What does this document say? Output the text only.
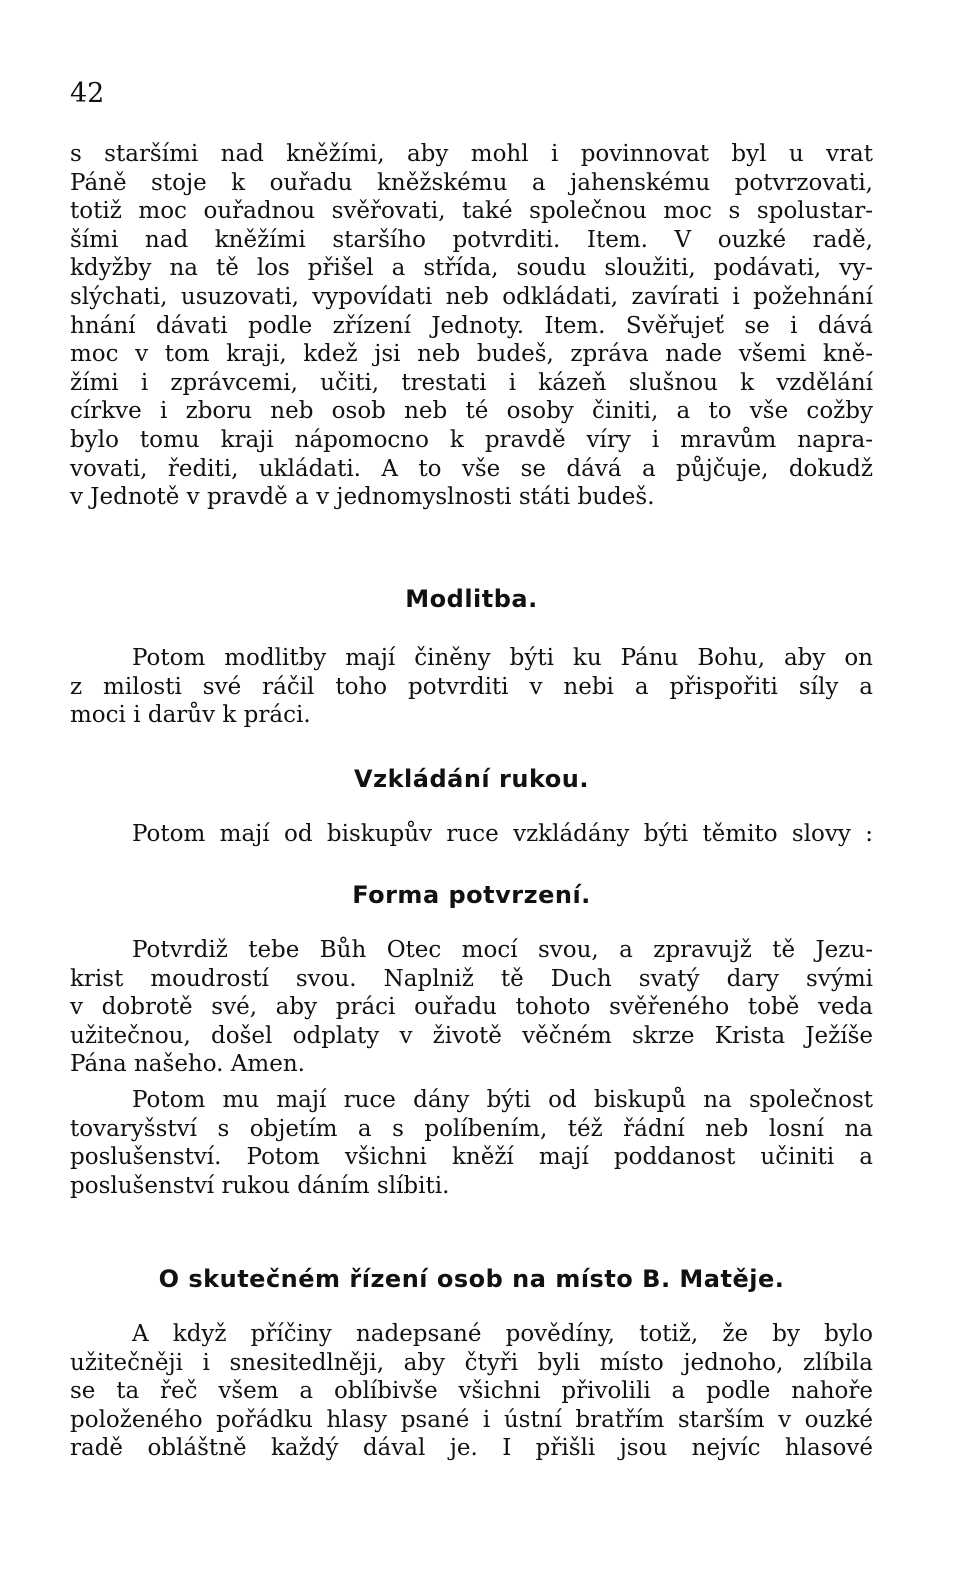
42
s staršími nad kněžími, aby mohl i povinnovat byl u vrat
Páně stoje k ouřadu kněžskému a jahenskému potvrzovati,
totiž moc ouřadnou svěřovati, také společnou moc s spolustar-
šími nad kněžími staršího potvrditi. Item. V ouzké radě,
kdyžby na tě los přišel a střída, soudu sloužiti, podávati, vy-
slýchati, usuzovati, vypovídati neb odkládati, zavírati i požehnání
hnání dávati podle zřízení Jednoty. Item. Svěřujeť se i dává
moc v tom kraji, kdež jsi neb budeš, zpráva nade všemi kně-
žími i zprávcemi, učiti, trestati i kázeň slušnou k vzdělání
církve i zboru neb osob neb té osoby činiti, a to vše cožby
bylo tomu kraji nápomocno k pravdě víry i mravům napra-
vovati, řediti, ukládati. A to vše se dává a půjčuje, dokudž
v Jednotě v pravdě a v jednomyslnosti státi budeš.
Modlitba.
Potom modlitby mají činěny býti ku Pánu Bohu, aby on
z milosti své ráčil toho potvrditi v nebi a přispořiti síly a
moci i darův k práci.
Vzkládání rukou.
Potom mají od biskupův ruce vzkládány býti těmito slovy :
Forma potvrzení.
Potvrdiž tebe Bůh Otec mocí svou, a zpravujž tě Jezu-
krist moudrostí svou. Naplniž tě Duch svatý dary svými
v dobrotě své, aby práci ouřadu tohoto svěřeného tobě veda
užitečnou, došel odplaty v životě věčném skrze Krista Ježíše
Pána našeho. Amen.
Potom mu mají ruce dány býti od biskupů na společnost
tovaryšství s objetím a s políbením, též řádní neb losní na
poslušenství. Potom všichni kněží mají poddanost učiniti a
poslušenství rukou dáním slíbiti.
O skutečném řízení osob na místo B. Matěje.
A když příčiny nadepsané povědíny, totiž, že by bylo
užitečněji i snesitedlněji, aby čtyři byli místo jednoho, zlíbila
se ta řeč všem a oblíbivše všichni přivolili a podle nahoře
položeného pořádku hlasy psané i ústní bratřím starším v ouzké
radě obláštně každý dával je. I přišli jsou nejvíc hlasové
